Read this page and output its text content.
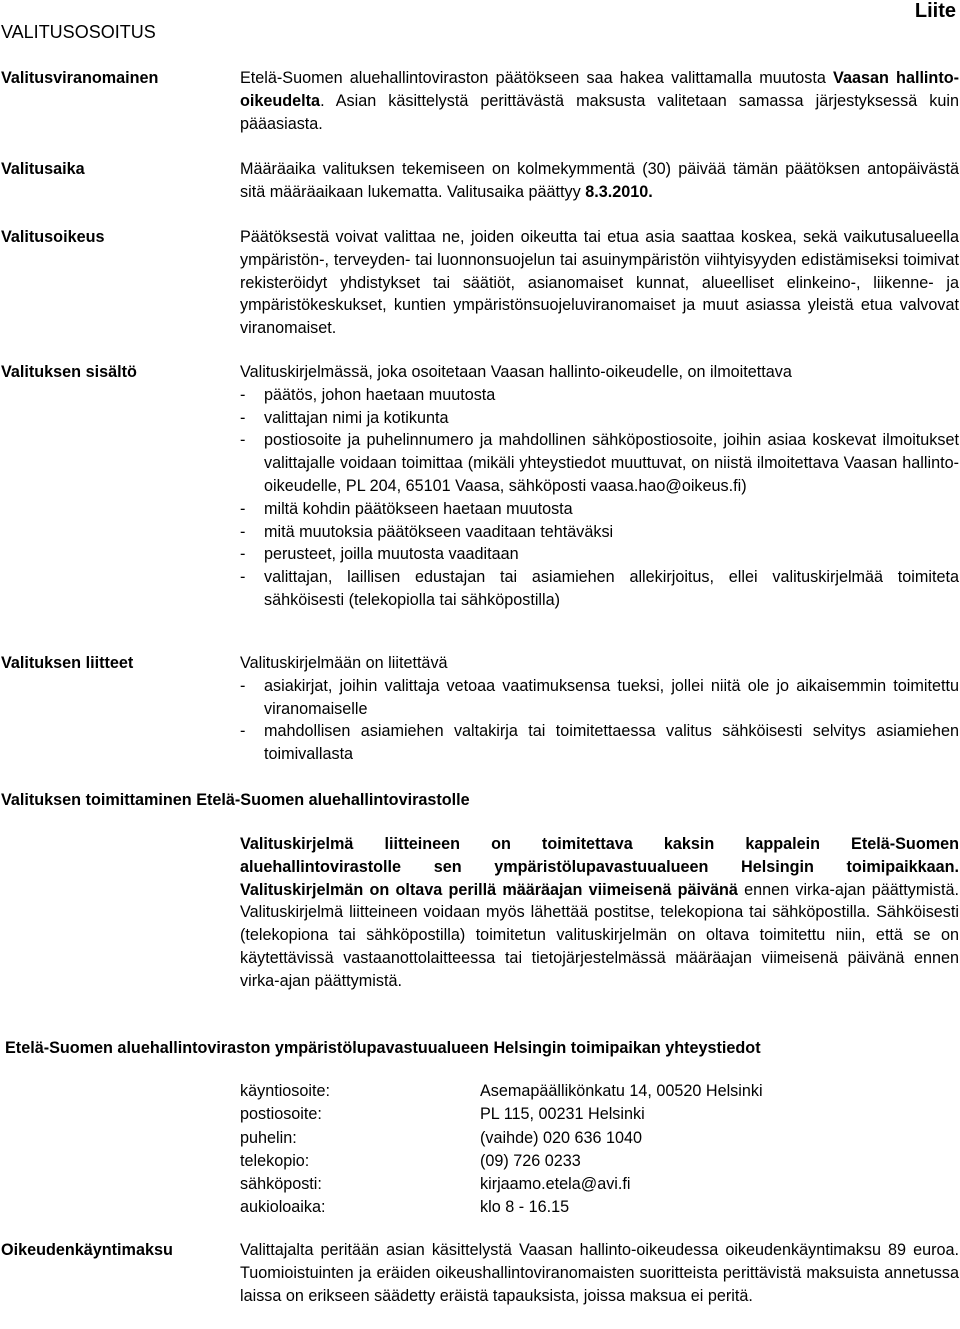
VALITUSOSOITUS
Liite
Valitusviranomainen	Etelä-Suomen aluehallintoviraston päätökseen saa hakea valittamalla muutosta Vaasan hallinto-oikeudelta. Asian käsittelystä perittävästä maksusta valitetaan samassa järjestyksessä kuin pääasiasta.

Valitusaika	Määräaika valituksen tekemiseen on kolmekymmentä (30) päivää tämän päätöksen antopäivästä sitä määräaikaan lukematta. Valitusaika päättyy 8.3.2010.

Valitusoikeus	Päätöksestä voivat valittaa ne, joiden oikeutta tai etua asia saattaa koskea, sekä vaikutusalueella ympäristön-, terveyden- tai luonnonsuojelun tai asuinympäristön viihtyisyyden edistämiseksi toimivat rekisteröidyt yhdistykset tai säätiöt, asianomaiset kunnat, alueelliset elinkeino-, liikenne- ja ympäristökeskukset, kuntien ympäristönsuojeluviranomaiset ja muut asiassa yleistä etua valvovat viranomaiset.

Valituksen sisältö	Valituskirjelmässä, joka osoitetaan Vaasan hallinto-oikeudelle, on ilmoitettava

- päätös, johon haetaan muutosta
- valittajan nimi ja kotikunta
- postiosoite ja puhelinnumero ja mahdollinen sähköpostiosoite, joihin asiaa koskevat ilmoitukset valittajalle voidaan toimittaa (mikäli yhteystiedot muuttuvat, on niistä ilmoitettava Vaasan hallinto-oikeudelle, PL 204, 65101 Vaasa, sähköposti vaasa.hao@oikeus.fi)
- miltä kohdin päätökseen haetaan muutosta
- mitä muutoksia päätökseen vaaditaan tehtäväksi
- perusteet, joilla muutosta vaaditaan
- valittajan, laillisen edustajan tai asiamiehen allekirjoitus, ellei valituskirjelmää toimiteta sähköisesti (telekopiolla tai sähköpostilla)
Valituksen liitteet	Valituskirjelmään on liitettävä

- asiakirjat, joihin valittaja vetoaa vaatimuksensa tueksi, jollei niitä ole jo aikaisemmin toimitettu viranomaiselle
- mahdollisen asiamiehen valtakirja tai toimitettaessa valitus sähköisesti selvitys asiamiehen toimivallasta
Valituksen toimittaminen Etelä-Suomen aluehallintovirastolle

Valituskirjelmä liitteineen on toimitettava kaksin kappalein Etelä-Suomen aluehallintovirastolle sen ympäristölupavastuualueen Helsingin toimipaikkaan. Valituskirjelmän on oltava perillä määräajan viimeisenä päivänä ennen virka-ajan päättymistä. Valituskirjelmä liitteineen voidaan myös lähettää postitse, telekopiona tai sähköpostilla. Sähköisesti (telekopiona tai sähköpostilla) toimitetun valituskirjelmän on oltava toimitettu niin, että se on käytettävissä vastaanottolaitteessa tai tietojärjestelmässä määräajan viimeisenä päivänä ennen virka-ajan päättymistä.

Etelä-Suomen aluehallintoviraston ympäristölupavastuualueen Helsingin toimipaikan yhteystiedot
käyntiosoite:	Asemapäällikönkatu 14, 00520 Helsinki
postiosoite:	PL 115, 00231 Helsinki
puhelin:	(vaihde) 020 636 1040
telekopio:	(09) 726 0233
sähköposti:	kirjaamo.etela@avi.fi
aukioloaika:	klo 8 - 16.15
Oikeudenkäyntimaksu	Valittajalta peritään asian käsittelystä Vaasan hallinto-oikeudessa oikeudenkäyntimaksu 89 euroa. Tuomioistuinten ja eräiden oikeushallintoviranomaisten suoritteista perittävistä maksuista annetussa laissa on erikseen säädetty eräistä tapauksista, joissa maksua ei peritä.
